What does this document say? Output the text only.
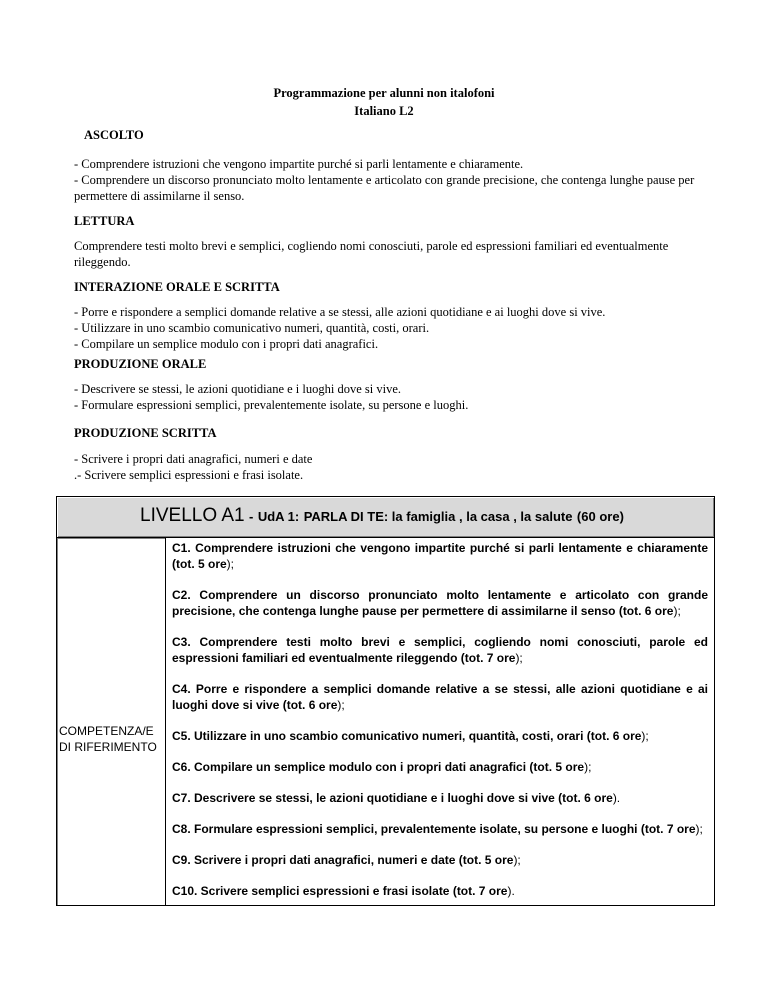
Programmazione per alunni non italofoni
Italiano L2
ASCOLTO

- Comprendere istruzioni che vengono impartite purché si parli lentamente e chiaramente.

- Comprendere un discorso pronunciato molto lentamente e articolato con grande precisione, che contenga lunghe pause per permettere di assimilarne il senso.

LETTURA

Comprendere testi molto brevi e semplici, cogliendo nomi conosciuti, parole ed espressioni familiari ed eventualmente rileggendo.

INTERAZIONE ORALE E SCRITTA

- Porre e rispondere a semplici domande relative a se stessi, alle azioni quotidiane e ai luoghi dove si vive.

- Utilizzare in uno scambio comunicativo numeri, quantità, costi, orari.

- Compilare un semplice modulo con i propri dati anagrafici.

PRODUZIONE ORALE

- Descrivere se stessi, le azioni quotidiane e i luoghi dove si vive.

- Formulare espressioni semplici, prevalentemente isolate, su persone e luoghi.

PRODUZIONE SCRITTA

- Scrivere i propri dati anagrafici, numeri e date

.- Scrivere semplici espressioni e frasi isolate.

LIVELLO A1 - UdA 1: PARLA DI TE: la famiglia , la casa , la salute (60 ore)
COMPETENZA/E DI RIFERIMENTO

C1. Comprendere istruzioni che vengono impartite purché si parli lentamente e chiaramente (tot. 5 ore);

C2. Comprendere un discorso pronunciato molto lentamente e articolato con grande precisione, che contenga lunghe pause per permettere di assimilarne il senso (tot. 6 ore);

C3. Comprendere testi molto brevi e semplici, cogliendo nomi conosciuti, parole ed espressioni familiari ed eventualmente rileggendo (tot. 7 ore);

C4. Porre e rispondere a semplici domande relative a se stessi, alle azioni quotidiane e ai luoghi dove si vive (tot. 6 ore);

C5. Utilizzare in uno scambio comunicativo numeri, quantità, costi, orari (tot. 6 ore);

C6. Compilare un semplice modulo con i propri dati anagrafici (tot. 5 ore);

C7. Descrivere se stessi, le azioni quotidiane e i luoghi dove si vive (tot. 6 ore).

C8. Formulare espressioni semplici, prevalentemente isolate, su persone e luoghi (tot. 7 ore);

C9. Scrivere i propri dati anagrafici, numeri e date (tot. 5 ore);

C10. Scrivere semplici espressioni e frasi isolate (tot. 7 ore).
